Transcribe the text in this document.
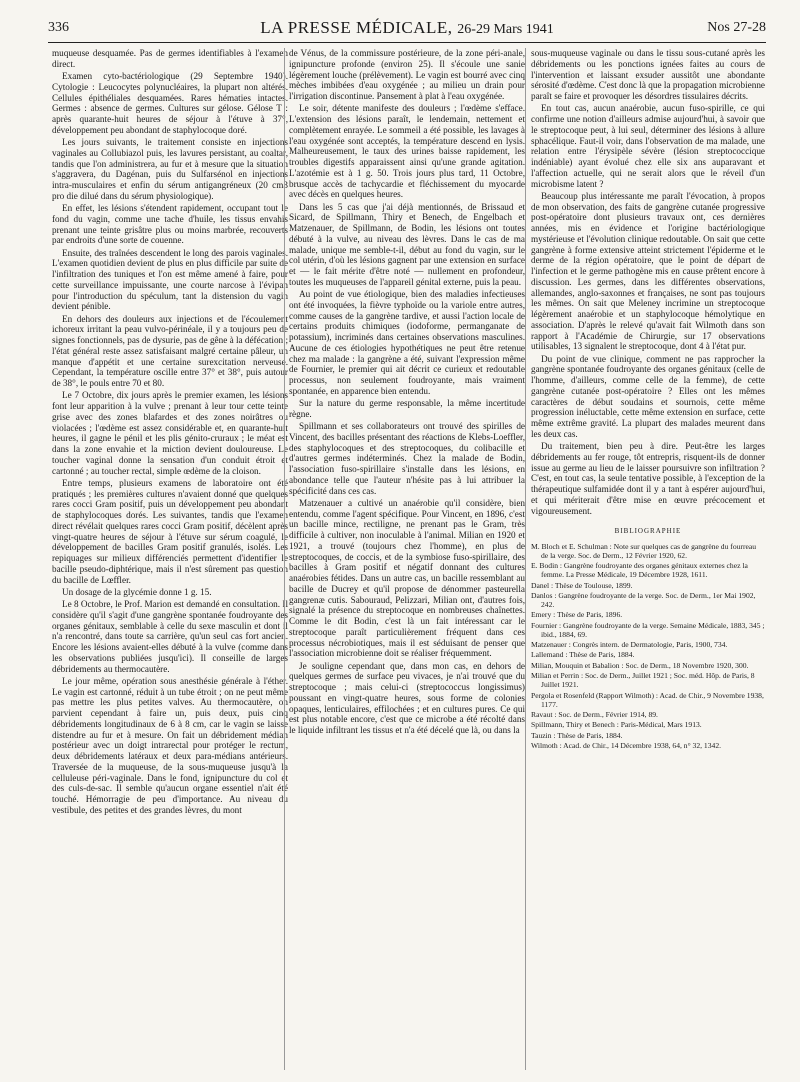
336	LA PRESSE MÉDICALE, 26-29 Mars 1941	Nos 27-28

muqueuse desquamée. Pas de germes identifiables à l'examen direct.

Examen cyto-bactériologique (29 Septembre 1940). Cytologie : Leucocytes polynucléaires, la plupart non altérés. Cellules épithéliales desquamées. Rares hématies intactes. Germes : absence de germes. Cultures sur gélose. Gélose T : après quarante-huit heures de séjour à l'étuve à 37°, développement peu abondant de staphylocoque doré.

Les jours suivants, le traitement consiste en injections vaginales au Collubiazol puis, les lavures persistant, au coaltar, tandis que l'on administrera, au fur et à mesure que la situation s'aggravera, du Dagénan, puis du Sulfarsénol en injections intra-musculaires et enfin du sérum antigangréneux (20 cm3 pro die dilué dans du sérum physiologique).

En effet, les lésions s'étendent rapidement, occupant tout le fond du vagin, comme une tache d'huile, les tissus envahis prenant une teinte grisâtre plus ou moins marbrée, recouverts par endroits d'une sorte de couenne.

Ensuite, des traînées descendent le long des parois vaginales. L'examen quotidien devient de plus en plus difficile par suite de l'infiltration des tuniques et l'on est même amené à faire, pour cette surveillance impuissante, une courte narcose à l'évipan pour l'introduction du spéculum, tant la distension du vagin devient pénible.

En dehors des douleurs aux injections et de l'écoulement ichoreux irritant la peau vulvo-périnéale, il y a toujours peu de signes fonctionnels, pas de dysurie, pas de gêne à la défécation ; l'état général reste assez satisfaisant malgré certaine pâleur, un manque d'appétit et une certaine surexcitation nerveuse. Cependant, la température oscille entre 37° et 38°, puis autour de 38°, le pouls entre 70 et 80.

Le 7 Octobre, dix jours après le premier examen, les lésions font leur apparition à la vulve ; prenant à leur tour cette teinte grise avec des zones blafardes et des zones noirâtres ou violacées ; l'œdème est assez considérable et, en quarante-huit heures, il gagne le pénil et les plis génito-cruraux ; le méat est dans la zone envahie et la miction devient douloureuse. Le toucher vaginal donne la sensation d'un conduit étroit et cartonné ; au toucher rectal, simple œdème de la cloison.

Entre temps, plusieurs examens de laboratoire ont été pratiqués ; les premières cultures n'avaient donné que quelques rares cocci Gram positif, puis un développement peu abondant de staphylocoques dorés. Les suivantes, tandis que l'examen direct révélait quelques rares cocci Gram positif, décèlent après vingt-quatre heures de séjour à l'étuve sur sérum coagulé, le développement de bacilles Gram positif granulés, isolés. Les repiquages sur milieux différenciés permettent d'identifier le bacille pseudo-diphtérique, mais il n'est sûrement pas question du bacille de Lœffler.

Un dosage de la glycémie donne 1 g. 15.

Le 8 Octobre, le Prof. Marion est demandé en consultation. Il considère qu'il s'agit d'une gangrène spontanée foudroyante des organes génitaux, semblable à celle du sexe masculin et dont il n'a rencontré, dans toute sa carrière, qu'un seul cas fort ancien. Encore les lésions avaient-elles débuté à la vulve (comme dans les observations publiées jusqu'ici). Il conseille de larges débridements au thermocautère.

Le jour même, opération sous anesthésie générale à l'éther. Le vagin est cartonné, réduit à un tube étroit ; on ne peut même pas mettre les plus petites valves. Au thermocautère, on parvient cependant à faire un, puis deux, puis cinq débridements longitudinaux de 6 à 8 cm, car le vagin se laisse distendre au fur et à mesure. On fait un débridement médian postérieur avec un doigt intrarectal pour protéger le rectum, deux débridements latéraux et deux para-médians antérieurs. Traversée de la muqueuse, de la sous-muqueuse jusqu'à la celluleuse péri-vaginale. Dans le fond, ignipuncture du col et des culs-de-sac. Il semble qu'aucun organe essentiel n'ait été touché. Hémorragie de peu d'importance. Au niveau du vestibule, des petites et des grandes lèvres, du mont

de Vénus, de la commissure postérieure, de la zone péri-anale, ignipuncture profonde (environ 25). Il s'écoule une sanie légèrement louche (prélèvement). Le vagin est bourré avec cinq mèches imbibées d'eau oxygénée ; au milieu un drain pour l'irrigation discontinue. Pansement à plat à l'eau oxygénée.

Le soir, détente manifeste des douleurs ; l'œdème s'efface. L'extension des lésions paraît, le lendemain, nettement et complètement enrayée. Le sommeil a été possible, les lavages à l'eau oxygénée sont acceptés, la température descend en lysis. Malheureusement, le taux des urines baisse rapidement, les troubles digestifs apparaissent ainsi qu'une grande agitation. L'azotémie est à 1 g. 50. Trois jours plus tard, 11 Octobre, brusque accès de tachycardie et fléchissement du myocarde avec décès en quelques heures.

Dans les 5 cas que j'ai déjà mentionnés, de Brissaud et Sicard, de Spillmann, Thiry et Benech, de Engelbach et Matzenauer, de Spillmann, de Bodin, les lésions ont toutes débuté à la vulve, au niveau des lèvres. Dans le cas de ma malade, unique me semble-t-il, début au fond du vagin, sur le col utérin, d'où les lésions gagnent par une extension en surface et — le fait mérite d'être noté — nullement en profondeur, toutes les muqueuses de l'appareil génital externe, puis la peau.

Au point de vue étiologique, bien des maladies infectieuses ont été invoquées, la fièvre typhoïde ou la variole entre autres, comme causes de la gangrène tardive, et aussi l'action locale de certains produits chimiques (iodoforme, permanganate de potassium), incriminés dans certaines observations masculines. Aucune de ces étiologies hypothétiques ne peut être retenue chez ma malade : la gangrène a été, suivant l'expression même de Fournier, le premier qui ait décrit ce curieux et redoutable processus, non seulement foudroyante, mais vraiment spontanée, en apparence bien entendu.

Sur la nature du germe responsable, la même incertitude règne.

Spillmann et ses collaborateurs ont trouvé des spirilles de Vincent, des bacilles présentant des réactions de Klebs-Loeffler, des staphylocoques et des streptocoques, du colibacille et d'autres germes indéterminés. Chez la malade de Bodin, l'association fuso-spirillaire s'installe dans les lésions, en abondance telle que l'auteur n'hésite pas à lui attribuer la spécificité dans ces cas.

Matzenauer a cultivé un anaérobie qu'il considère, bien entendu, comme l'agent spécifique. Pour Vincent, en 1896, c'est un bacille mince, rectiligne, ne prenant pas le Gram, très difficile à cultiver, non inoculable à l'animal. Milian en 1920 et 1921, a trouvé (toujours chez l'homme), en plus de streptocoques, de coccis, et de la symbiose fuso-spirillaire, des bacilles à Gram positif et négatif donnant des cultures anaérobies fétides. Dans un autre cas, un bacille ressemblant au bacille de Ducrey et qu'il propose de dénommer pasteurella gangrenæ cutis. Sabouraud, Pelizzari, Milian ont, d'autres fois, signalé la présence du streptocoque en nombreuses chaînettes. Comme le dit Bodin, c'est là un fait intéressant car le streptocoque paraît particulièrement fréquent dans ces processus nécrobiotiques, mais il est séduisant de penser que l'association microbienne doit se réaliser fréquemment.

Je souligne cependant que, dans mon cas, en dehors de quelques germes de surface peu vivaces, je n'ai trouvé que du streptocoque ; mais celui-ci (streptococcus longissimus) poussant en vingt-quatre heures, sous forme de colonies opaques, lenticulaires, effilochées ; et en cultures pures. Ce qui est plus notable encore, c'est que ce microbe a été récolté dans le liquide infiltrant les tissus et n'a été décelé que là, ou dans la

sous-muqueuse vaginale ou dans le tissu sous-cutané après les débridements ou les ponctions ignées faites au cours de l'intervention et laissant exsuder aussitôt une abondante sérosité d'œdème. C'est donc là que la propagation microbienne paraît se faire et provoquer les désordres tissulaires décrits.

En tout cas, aucun anaérobie, aucun fuso-spirille, ce qui confirme une notion d'ailleurs admise aujourd'hui, à savoir que le streptocoque peut, à lui seul, déterminer des lésions à allure sphacélique. Faut-il voir, dans l'observation de ma malade, une relation entre l'érysipèle sévère (lésion streptococcique indéniable) ayant évolué chez elle six ans auparavant et l'affection actuelle, qui ne serait alors que le réveil d'un microbisme latent ?

Beaucoup plus intéressante me paraît l'évocation, à propos de mon observation, des faits de gangrène cutanée progressive post-opératoire dont plusieurs travaux ont, ces dernières années, mis en évidence et l'origine bactériologique mystérieuse et l'évolution clinique redoutable. On sait que cette gangrène à forme extensive atteint strictement l'épiderme et le derme de la région opératoire, que le point de départ de l'infection et le germe pathogène mis en cause prêtent encore à discussion. Les germes, dans les différentes observations, allemandes, anglo-saxonnes et françaises, ne sont pas toujours les mêmes. On sait que Meleney incrimine un streptocoque légèrement anaérobie et un staphylocoque hémolytique en association. D'après le relevé qu'avait fait Wilmoth dans son rapport à l'Académie de Chirurgie, sur 17 observations utilisables, 13 signalent le streptocoque, dont 4 à l'état pur.

Du point de vue clinique, comment ne pas rapprocher la gangrène spontanée foudroyante des organes génitaux (celle de l'homme, d'ailleurs, comme celle de la femme), de cette gangrène cutanée post-opératoire ? Elles ont les mêmes caractères de début soudains et sournois, cette même progression inéluctable, cette même extension en surface, cette même extrême gravité. La plupart des malades meurent dans les deux cas.

Du traitement, bien peu à dire. Peut-être les larges débridements au fer rouge, tôt entrepris, risquent-ils de donner issue au germe au lieu de le laisser poursuivre son infiltration ? C'est, en tout cas, la seule tentative possible, à l'exception de la thérapeutique sulfamidée dont il y a tant à espérer aujourd'hui, et qui mériterait d'être mise en œuvre précocement et vigoureusement.

BIBLIOGRAPHIE
M. Bloch et E. Schulman : Note sur quelques cas de gangrène du fourreau de la verge. Soc. de Derm., 12 Février 1920, 62.
E. Bodin : Gangrène foudroyante des organes génitaux externes chez la femme. La Presse Médicale, 19 Décembre 1928, 1611.
Danel : Thèse de Toulouse, 1899.
Danlos : Gangrène foudroyante de la verge. Soc. de Derm., 1er Mai 1902, 242.
Emery : Thèse de Paris, 1896.
Fournier : Gangrène foudroyante de la verge. Semaine Médicale, 1883, 345 ; ibid., 1884, 69.
Matzenauer : Congrès intern. de Dermatologie, Paris, 1900, 734.
Lallemand : Thèse de Paris, 1884.
Milian, Mouquin et Babalion : Soc. de Derm., 18 Novembre 1920, 300.
Milian et Perrin : Soc. de Derm., Juillet 1921 ; Soc. méd. Hôp. de Paris, 8 Juillet 1921.
Pergola et Rosenfeld (Rapport Wilmoth) : Acad. de Chir., 9 Novembre 1938, 1177.
Ravaut : Soc. de Derm., Février 1914, 89.
Spillmann, Thiry et Benech : Paris-Médical, Mars 1913.
Tauzin : Thèse de Paris, 1884.
Wilmoth : Acad. de Chir., 14 Décembre 1938, 64, n° 32, 1342.
